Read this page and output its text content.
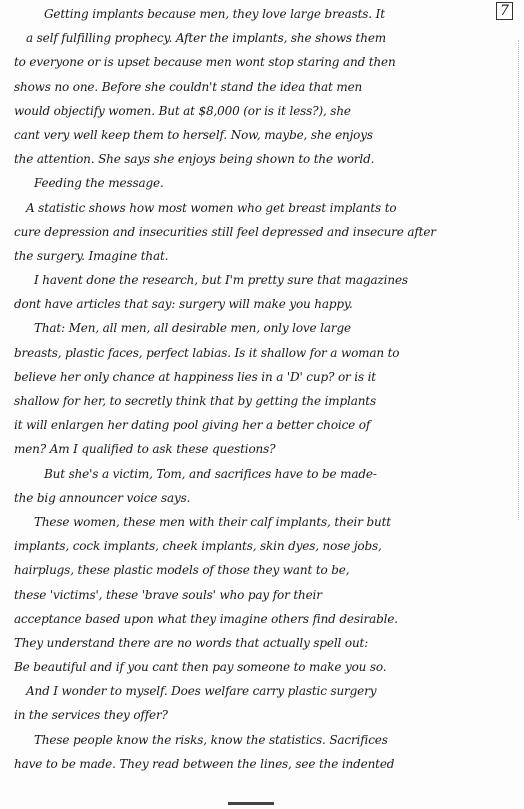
7
Getting implants because men, they love large breasts. It
a self fulfilling prophecy. After the implants, she shows them
to everyone or is upset because men wont stop staring and then
shows no one. Before she couldn't stand the idea that men
would objectify women. But at $8,000 (or is it less?), she
cant very well keep them to herself. Now, maybe, she enjoys
the attention. She says she enjoys being shown to the world.
Feeding the message.
A statistic shows how most women who get breast implants to
cure depression and insecurities still feel depressed and insecure after
the surgery. Imagine that.
I havent done the research, but I'm pretty sure that magazines
dont have articles that say: surgery will make you happy.
That: Men, all men, all desirable men, only love large
breasts, plastic faces, perfect labias. Is it shallow for a woman to
believe her only chance at happiness lies in a 'D' cup? or is it
shallow for her, to secretly think that by getting the implants
it will enlargen her dating pool giving her a better choice of
men? Am I qualified to ask these questions?
But she's a victim, Tom, and sacrifices have to be made-
the big announcer voice says.
These women, these men with their calf implants, their butt
implants, cock implants, cheek implants, skin dyes, nose jobs,
hairplugs, these plastic models of those they want to be,
these 'victims', these 'brave souls' who pay for their
acceptance based upon what they imagine others find desirable.
They understand there are no words that actually spell out:
Be beautiful and if you cant then pay someone to make you so.
And I wonder to myself. Does welfare carry plastic surgery
in the services they offer?
These people know the risks, know the statistics. Sacrifices
have to be made. They read between the lines, see the indented
